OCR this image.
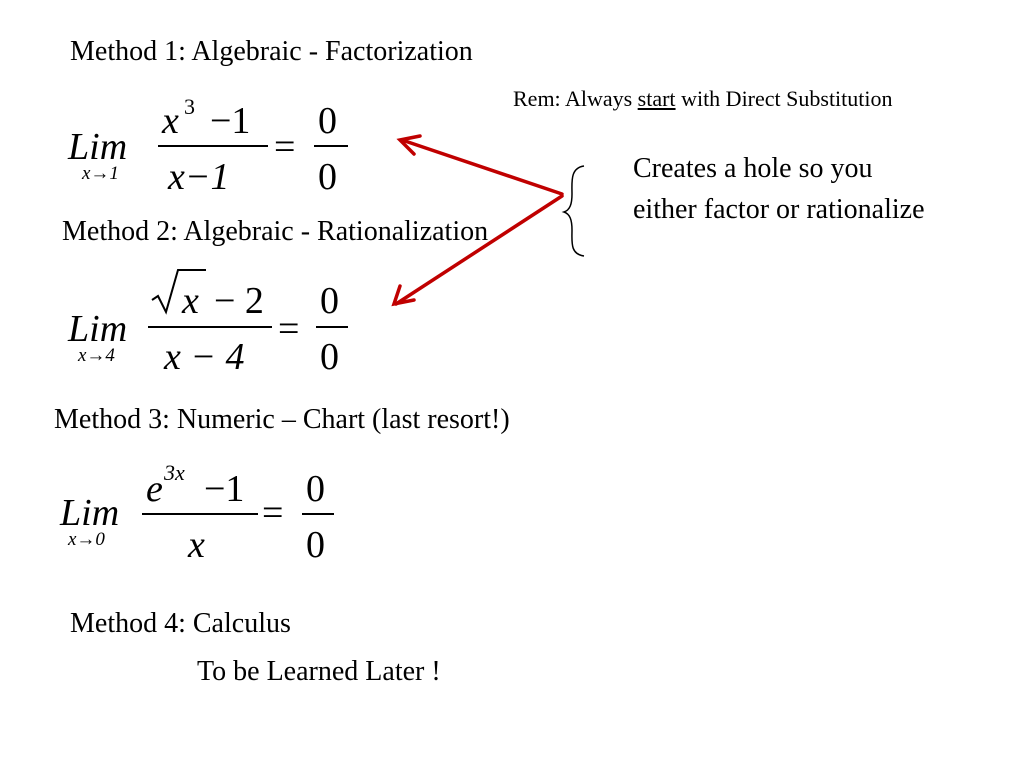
Method 1: Algebraic - Factorization
Lim
x→1
x 3 −1
x−1
=
0
0
Rem: Always start with Direct Substitution
Creates a hole so you either factor or rationalize
Method 2: Algebraic - Rationalization
Lim
x→4
x − 2
x − 4
=
0
0
Method 3: Numeric – Chart (last resort!)
Lim
x→0
e 3x −1
x
=
0
0
Method 4: Calculus
To be Learned Later !
